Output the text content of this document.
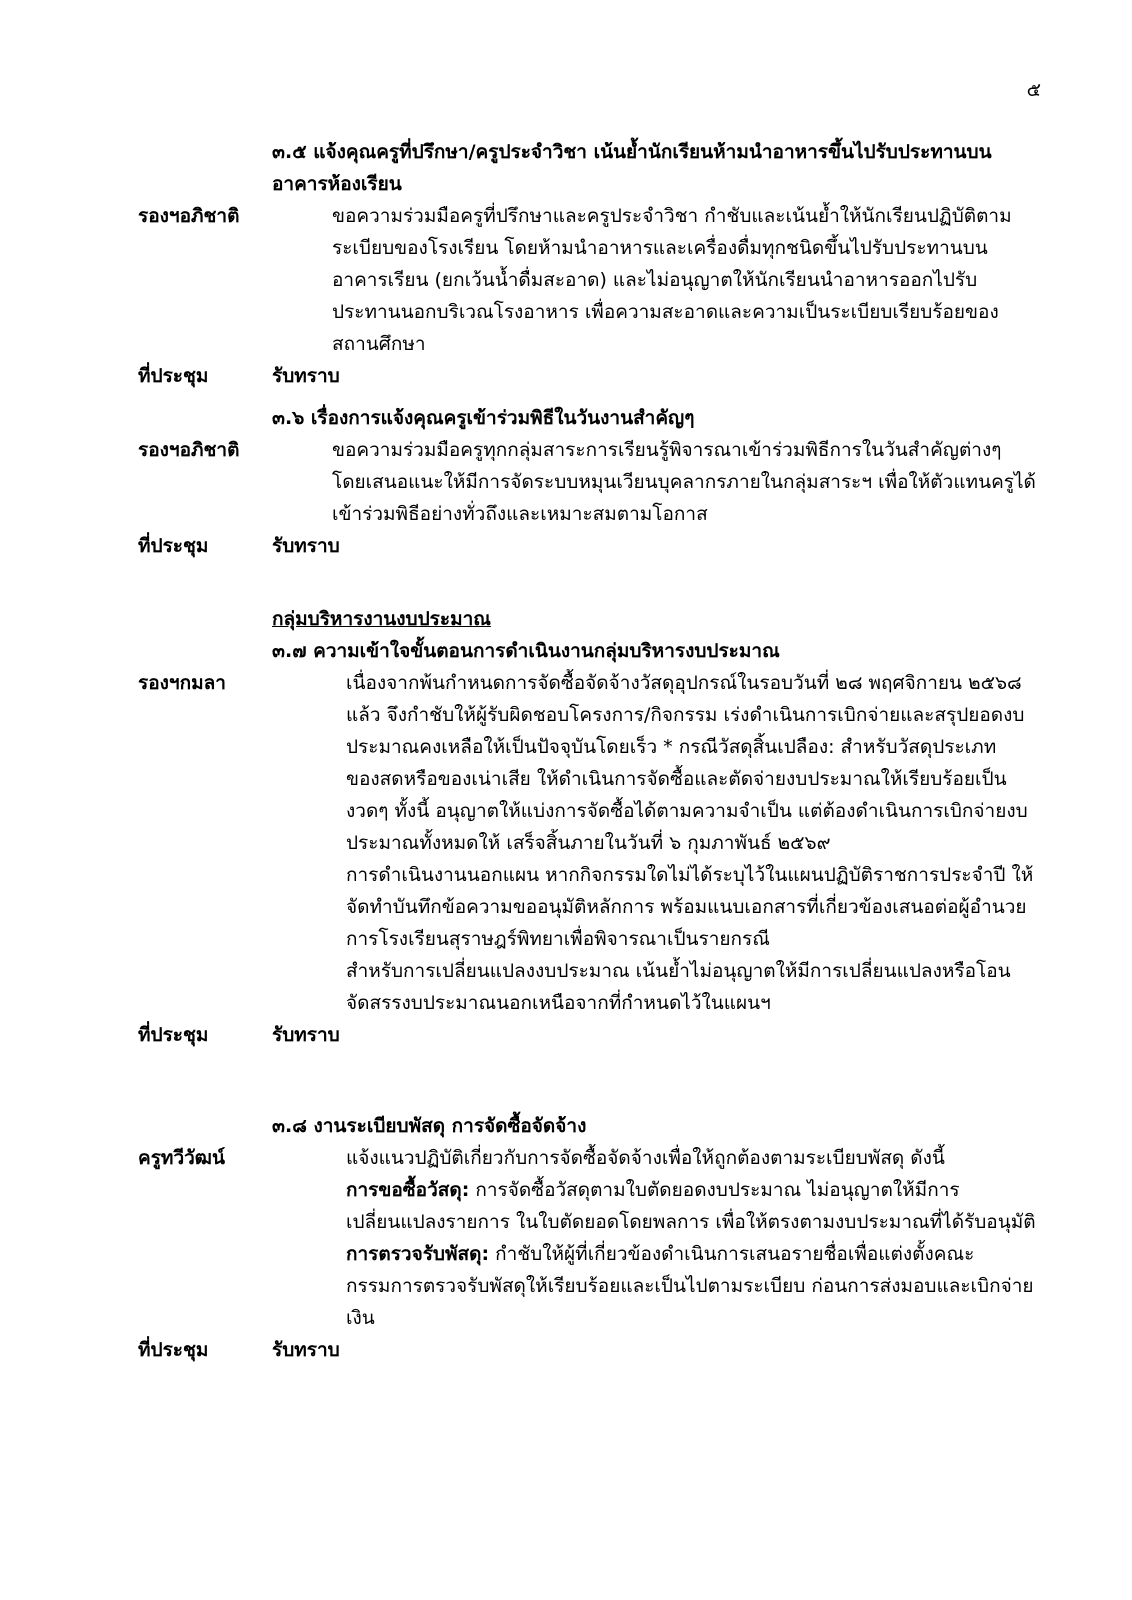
๕
๓.๕ แจ้งคุณครูที่ปรึกษา/ครูประจำวิชา เน้นย้ำนักเรียนห้ามนำอาหารขึ้นไปรับประทานบนอาคารห้องเรียน
รองฯอภิชาติ	ขอความร่วมมือครูที่ปรึกษาและครูประจำวิชา กำชับและเน้นย้ำให้นักเรียนปฏิบัติตามระเบียบของโรงเรียน โดยห้ามนำอาหารและเครื่องดื่มทุกชนิดขึ้นไปรับประทานบนอาคารเรียน (ยกเว้นน้ำดื่มสะอาด) และไม่อนุญาตให้นักเรียนนำอาหารออกไปรับประทานนอกบริเวณโรงอาหาร เพื่อความสะอาดและความเป็นระเบียบเรียบร้อยของสถานศึกษา

ที่ประชุม	รับทราบ
๓.๖ เรื่องการแจ้งคุณครูเข้าร่วมพิธีในวันงานสำคัญๆ
รองฯอภิชาติ	ขอความร่วมมือครูทุกกลุ่มสาระการเรียนรู้พิจารณาเข้าร่วมพิธีการในวันสำคัญต่างๆ โดยเสนอแนะให้มีการจัดระบบหมุนเวียนบุคลากรภายในกลุ่มสาระฯ เพื่อให้ตัวแทนครูได้เข้าร่วมพิธีอย่างทั่วถึงและเหมาะสมตามโอกาส

ที่ประชุม	รับทราบ
กลุ่มบริหารงานงบประมาณ
๓.๗ ความเข้าใจขั้นตอนการดำเนินงานกลุ่มบริหารงบประมาณ
รองฯกมลา	เนื่องจากพ้นกำหนดการจัดซื้อจัดจ้างวัสดุอุปกรณ์ในรอบวันที่ ๒๘ พฤศจิกายน ๒๕๖๘ แล้ว จึงกำชับให้ผู้รับผิดชอบโครงการ/กิจกรรม เร่งดำเนินการเบิกจ่ายและสรุปยอดงบประมาณคงเหลือให้เป็นปัจจุบันโดยเร็ว * กรณีวัสดุสิ้นเปลือง: สำหรับวัสดุประเภทของสดหรือของเน่าเสีย ให้ดำเนินการจัดซื้อและตัดจ่ายงบประมาณให้เรียบร้อยเป็นงวดๆ ทั้งนี้ อนุญาตให้แบ่งการจัดซื้อได้ตามความจำเป็น แต่ต้องดำเนินการเบิกจ่ายงบประมาณทั้งหมดให้ เสร็จสิ้นภายในวันที่ ๖ กุมภาพันธ์ ๒๕๖๙

การดำเนินงานนอกแผน หากกิจกรรมใดไม่ได้ระบุไว้ในแผนปฏิบัติราชการประจำปี ให้จัดทำบันทึกข้อความขออนุมัติหลักการ พร้อมแนบเอกสารที่เกี่ยวข้องเสนอต่อผู้อำนวยการโรงเรียนสุราษฎร์พิทยาเพื่อพิจารณาเป็นรายกรณี

สำหรับการเปลี่ยนแปลงงบประมาณ เน้นย้ำไม่อนุญาตให้มีการเปลี่ยนแปลงหรือโอนจัดสรรงบประมาณนอกเหนือจากที่กำหนดไว้ในแผนฯ

ที่ประชุม	รับทราบ
๓.๘ งานระเบียบพัสดุ การจัดซื้อจัดจ้าง
ครูทวีวัฒน์	แจ้งแนวปฏิบัติเกี่ยวกับการจัดซื้อจัดจ้างเพื่อให้ถูกต้องตามระเบียบพัสดุ ดังนี้

การขอซื้อวัสดุ: การจัดซื้อวัสดุตามใบตัดยอดงบประมาณ ไม่อนุญาตให้มีการเปลี่ยนแปลงรายการ ในใบตัดยอดโดยพลการ เพื่อให้ตรงตามงบประมาณที่ได้รับอนุมัติ

การตรวจรับพัสดุ: กำชับให้ผู้ที่เกี่ยวข้องดำเนินการเสนอรายชื่อเพื่อแต่งตั้งคณะกรรมการตรวจรับพัสดุให้เรียบร้อยและเป็นไปตามระเบียบ ก่อนการส่งมอบและเบิกจ่ายเงิน

ที่ประชุม	รับทราบ
